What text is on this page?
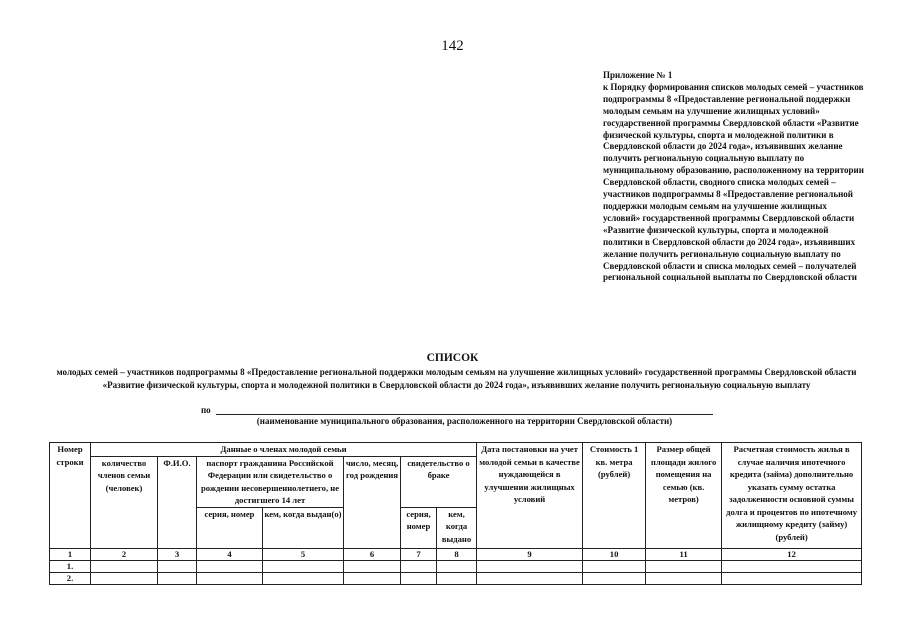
142
Приложение № 1
к Порядку формирования списков молодых семей – участников подпрограммы 8 «Предоставление региональной поддержки молодым семьям на улучшение жилищных условий» государственной программы Свердловской области «Развитие физической культуры, спорта и молодежной политики в Свердловской области до 2024 года», изъявивших желание получить региональную социальную выплату по муниципальному образованию, расположенному на территории Свердловской области, сводного списка молодых семей – участников подпрограммы 8 «Предоставление региональной поддержки молодым семьям на улучшение жилищных условий» государственной программы Свердловской области «Развитие физической культуры, спорта и молодежной политики в Свердловской области до 2024 года», изъявивших желание получить региональную социальную выплату по Свердловской области и списка молодых семей – получателей региональной социальной выплаты по Свердловской области
СПИСОК
молодых семей – участников подпрограммы 8 «Предоставление региональной поддержки молодым семьям на улучшение жилищных условий» государственной программы Свердловской области «Развитие физической культуры, спорта и молодежной политики в Свердловской области до 2024 года», изъявивших желание получить региональную социальную выплату
по
(наименование муниципального образования, расположенного на территории Свердловской области)
Номер строки	Данные о членах молодой семьи							Дата постановки на учет молодой семьи в качестве нуждающейся в улучшении жилищных условий	Стоимость 1 кв. метра (рублей)	Размер общей площади жилого помещения на семью (кв. метров)	Расчетная стоимость жилья в случае наличия ипотечного кредита (займа) дополнительно указать сумму остатка задолженности основной суммы долга и процентов по ипотечному жилищному кредиту (займу) (рублей)
	количество членов семьи (человек)	Ф.И.О.	паспорт гражданина Российской Федерации или свидетельство о рождении несовершеннолетнего, не достигшего 14 лет		число, месяц, год рождения	свидетельство о браке					
			серия, номер	кем, когда выдан(о)		серия, номер	кем, когда выдано				
1	2	3	4	5	6	7	8	9	10	11	12
1.											
2.											
